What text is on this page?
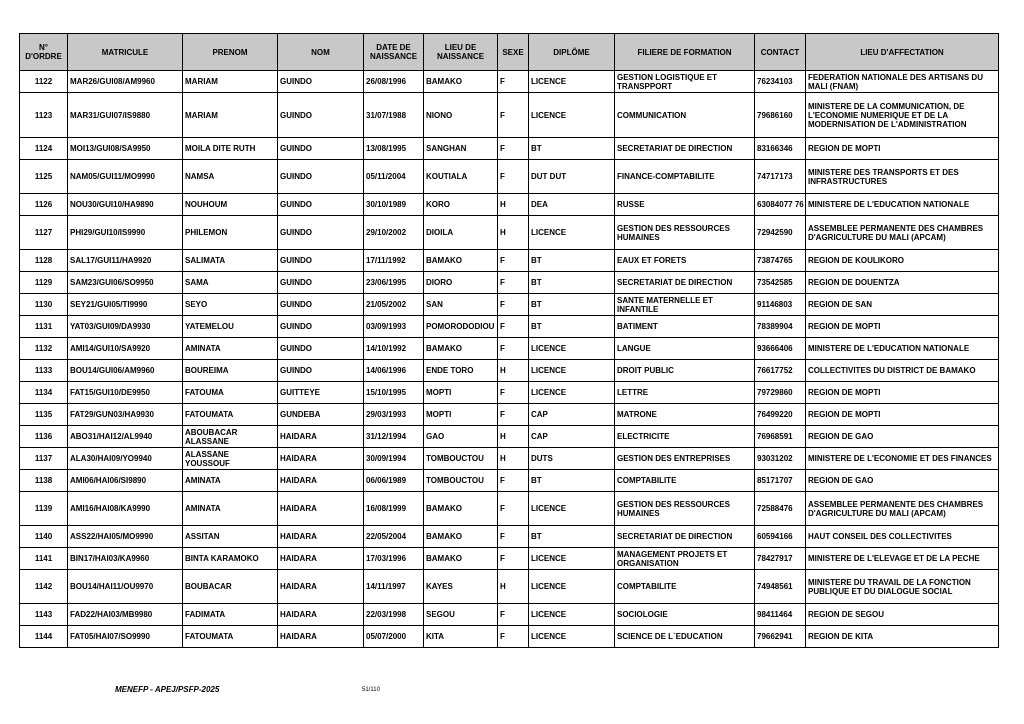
N° D'ORDRE	MATRICULE	PRENOM	NOM	DATE DE NAISSANCE	LIEU DE NAISSANCE	SEXE	DIPLÔME	FILIERE DE FORMATION	CONTACT	LIEU D'AFFECTATION
1122	MAR26/GUI08/AM9960	MARIAM	GUINDO	26/08/1996	BAMAKO	F	LICENCE	GESTION LOGISTIQUE ET TRANSPPORT	76234103	FEDERATION NATIONALE DES ARTISANS DU MALI (FNAM)
1123	MAR31/GUI07/IS9880	MARIAM	GUINDO	31/07/1988	NIONO	F	LICENCE	COMMUNICATION	79686160	MINISTERE DE LA COMMUNICATION, DE L'ECONOMIE NUMERIQUE ET DE LA MODERNISATION DE L'ADMINISTRATION
1124	MOI13/GUI08/SA9950	MOILA DITE RUTH	GUINDO	13/08/1995	SANGHAN	F	BT	SECRETARIAT DE DIRECTION	83166346	REGION DE MOPTI
1125	NAM05/GUI11/MO9990	NAMSA	GUINDO	05/11/2004	KOUTIALA	F	DUT DUT	FINANCE-COMPTABILITE	74717173	MINISTERE DES TRANSPORTS ET DES INFRASTRUCTURES
1126	NOU30/GUI10/HA9890	NOUHOUM	GUINDO	30/10/1989	KORO	H	DEA	RUSSE	63084077 76	MINISTERE DE L'EDUCATION NATIONALE
1127	PHI29/GUI10/IS9990	PHILEMON	GUINDO	29/10/2002	DIOILA	H	LICENCE	GESTION DES RESSOURCES HUMAINES	72942590	ASSEMBLEE PERMANENTE DES CHAMBRES D'AGRICULTURE DU MALI (APCAM)
1128	SAL17/GUI11/HA9920	SALIMATA	GUINDO	17/11/1992	BAMAKO	F	BT	EAUX ET FORETS	73874765	REGION DE KOULIKORO
1129	SAM23/GUI06/SO9950	SAMA	GUINDO	23/06/1995	DIORO	F	BT	SECRETARIAT DE DIRECTION	73542585	REGION DE DOUENTZA
1130	SEY21/GUI05/TI9990	SEYO	GUINDO	21/05/2002	SAN	F	BT	SANTE MATERNELLE ET INFANTILE	91146803	REGION DE SAN
1131	YAT03/GUI09/DA9930	YATEMELOU	GUINDO	03/09/1993	POMORODODIOU	F	BT	BATIMENT	78389904	REGION DE MOPTI
1132	AMI14/GUI10/SA9920	AMINATA	GUINDO	14/10/1992	BAMAKO	F	LICENCE	LANGUE	93666406	MINISTERE DE L'EDUCATION NATIONALE
1133	BOU14/GUI06/AM9960	BOUREIMA	GUINDO	14/06/1996	ENDE TORO	H	LICENCE	DROIT PUBLIC	76617752	COLLECTIVITES DU DISTRICT DE BAMAKO
1134	FAT15/GUI10/DE9950	FATOUMA	GUITTEYE	15/10/1995	MOPTI	F	LICENCE	LETTRE	79729860	REGION DE MOPTI
1135	FAT29/GUN03/HA9930	FATOUMATA	GUNDEBA	29/03/1993	MOPTI	F	CAP	MATRONE	76499220	REGION DE MOPTI
1136	ABO31/HAI12/AL9940	ABOUBACAR ALASSANE	HAIDARA	31/12/1994	GAO	H	CAP	ELECTRICITE	76968591	REGION DE GAO
1137	ALA30/HAI09/YO9940	ALASSANE YOUSSOUF	HAIDARA	30/09/1994	TOMBOUCTOU	H	DUTS	GESTION DES ENTREPRISES	93031202	MINISTERE DE L'ECONOMIE ET DES FINANCES
1138	AMI06/HAI06/SI9890	AMINATA	HAIDARA	06/06/1989	TOMBOUCTOU	F	BT	COMPTABILITE	85171707	REGION DE GAO
1139	AMI16/HAI08/KA9990	AMINATA	HAIDARA	16/08/1999	BAMAKO	F	LICENCE	GESTION DES RESSOURCES HUMAINES	72588476	ASSEMBLEE PERMANENTE DES CHAMBRES D'AGRICULTURE DU MALI (APCAM)
1140	ASS22/HAI05/MO9990	ASSITAN	HAIDARA	22/05/2004	BAMAKO	F	BT	SECRETARIAT DE DIRECTION	60594166	HAUT CONSEIL DES COLLECTIVITES
1141	BIN17/HAI03/KA9960	BINTA KARAMOKO	HAIDARA	17/03/1996	BAMAKO	F	LICENCE	MANAGEMENT PROJETS ET ORGANISATION	78427917	MINISTERE DE L'ELEVAGE ET DE LA PECHE
1142	BOU14/HAI11/OU9970	BOUBACAR	HAIDARA	14/11/1997	KAYES	H	LICENCE	COMPTABILITE	74948561	MINISTERE DU TRAVAIL DE LA FONCTION PUBLIQUE ET DU DIALOGUE SOCIAL
1143	FAD22/HAI03/MB9980	FADIMATA	HAIDARA	22/03/1998	SEGOU	F	LICENCE	SOCIOLOGIE	98411464	REGION DE SEGOU
1144	FAT05/HAI07/SO9990	FATOUMATA	HAIDARA	05/07/2000	KITA	F	LICENCE	SCIENCE DE L`EDUCATION	79662941	REGION DE KITA
MENEFP - APEJ/PSFP-2025	51/110
